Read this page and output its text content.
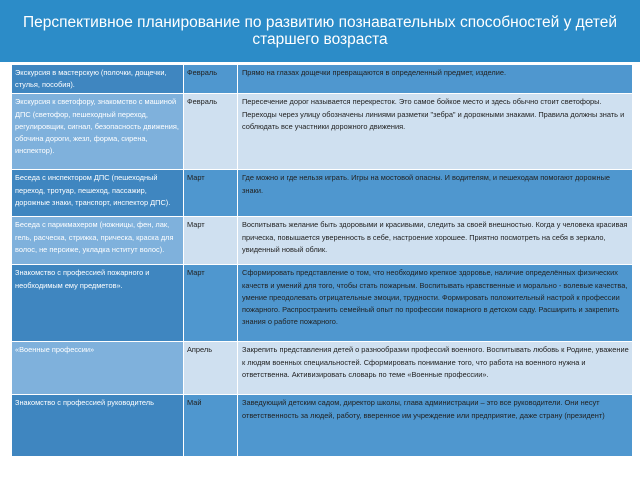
Перспективное планирование по развитию познавательных способностей у детей старшего возраста
Экскурсия в мастерскую (полочки, дощечки, стулья, пособия).	Февраль	Прямо на глазах дощечки превращаются в определенный предмет, изделие.
Экскурсия к светофору, знакомство с машиной ДПС (светофор, пешеходный переход, регулировщик, сигнал, безопасность движения, обочина дороги, жезл, форма, сирена, инспектор).	Февраль	Пересечение дорог называется перекресток. Это самое бойкое место и здесь обычно стоит светофоры. Переходы через улицу обозначены линиями разметки "зебра" и дорожными знаками. Правила должны знать и соблюдать все участники дорожного движения.
Беседа с инспектором ДПС (пешеходный переход, тротуар, пешеход, пассажир, дорожные знаки, транспорт, инспектор ДПС).	Март	Где можно и где нельзя играть. Игры на мостовой опасны. И водителям, и пешеходам помогают дорожные знаки.
Беседа с парикмахером (ножницы, фен, лак, гель, расческа, стрижка, прическа, краска для волос, не персиже, укладка нститут волос).	Март	Воспитывать желание быть здоровыми и красивыми, следить за своей внешностью. Когда у человека красивая прическа, повышается уверенность в себе, настроение хорошее. Приятно посмотреть на себя в зеркало, увиденный новый облик.
Знакомство с профессией пожарного и необходимым ему предметов».	Март	Сформировать представление о том, что необходимо крепкое здоровье, наличие определённых физических качеств и умений для того, чтобы стать пожарным. Воспитывать нравственные и морально - волевые качества, умение преодолевать отрицательные эмоции, трудности. Формировать положительный настрой к профессии пожарного. Распространить семейный опыт по профессии пожарного в детском саду. Расширить и закрепить знания о работе пожарного.
«Военные профессии»	Апрель	Закрепить представления детей о разнообразии профессий военного. Воспитывать любовь к Родине, уважение к людям военных специальностей. Сформировать понимание того, что работа на военного нужна и ответственна. Активизировать словарь по теме «Военные профессии».
Знакомство с профессией руководитель	Май	Заведующий детским садом, директор школы, глава администрации – это все руководители. Они несут ответственность за людей, работу, вверенное им учреждение или предприятие, даже страну (президент)
